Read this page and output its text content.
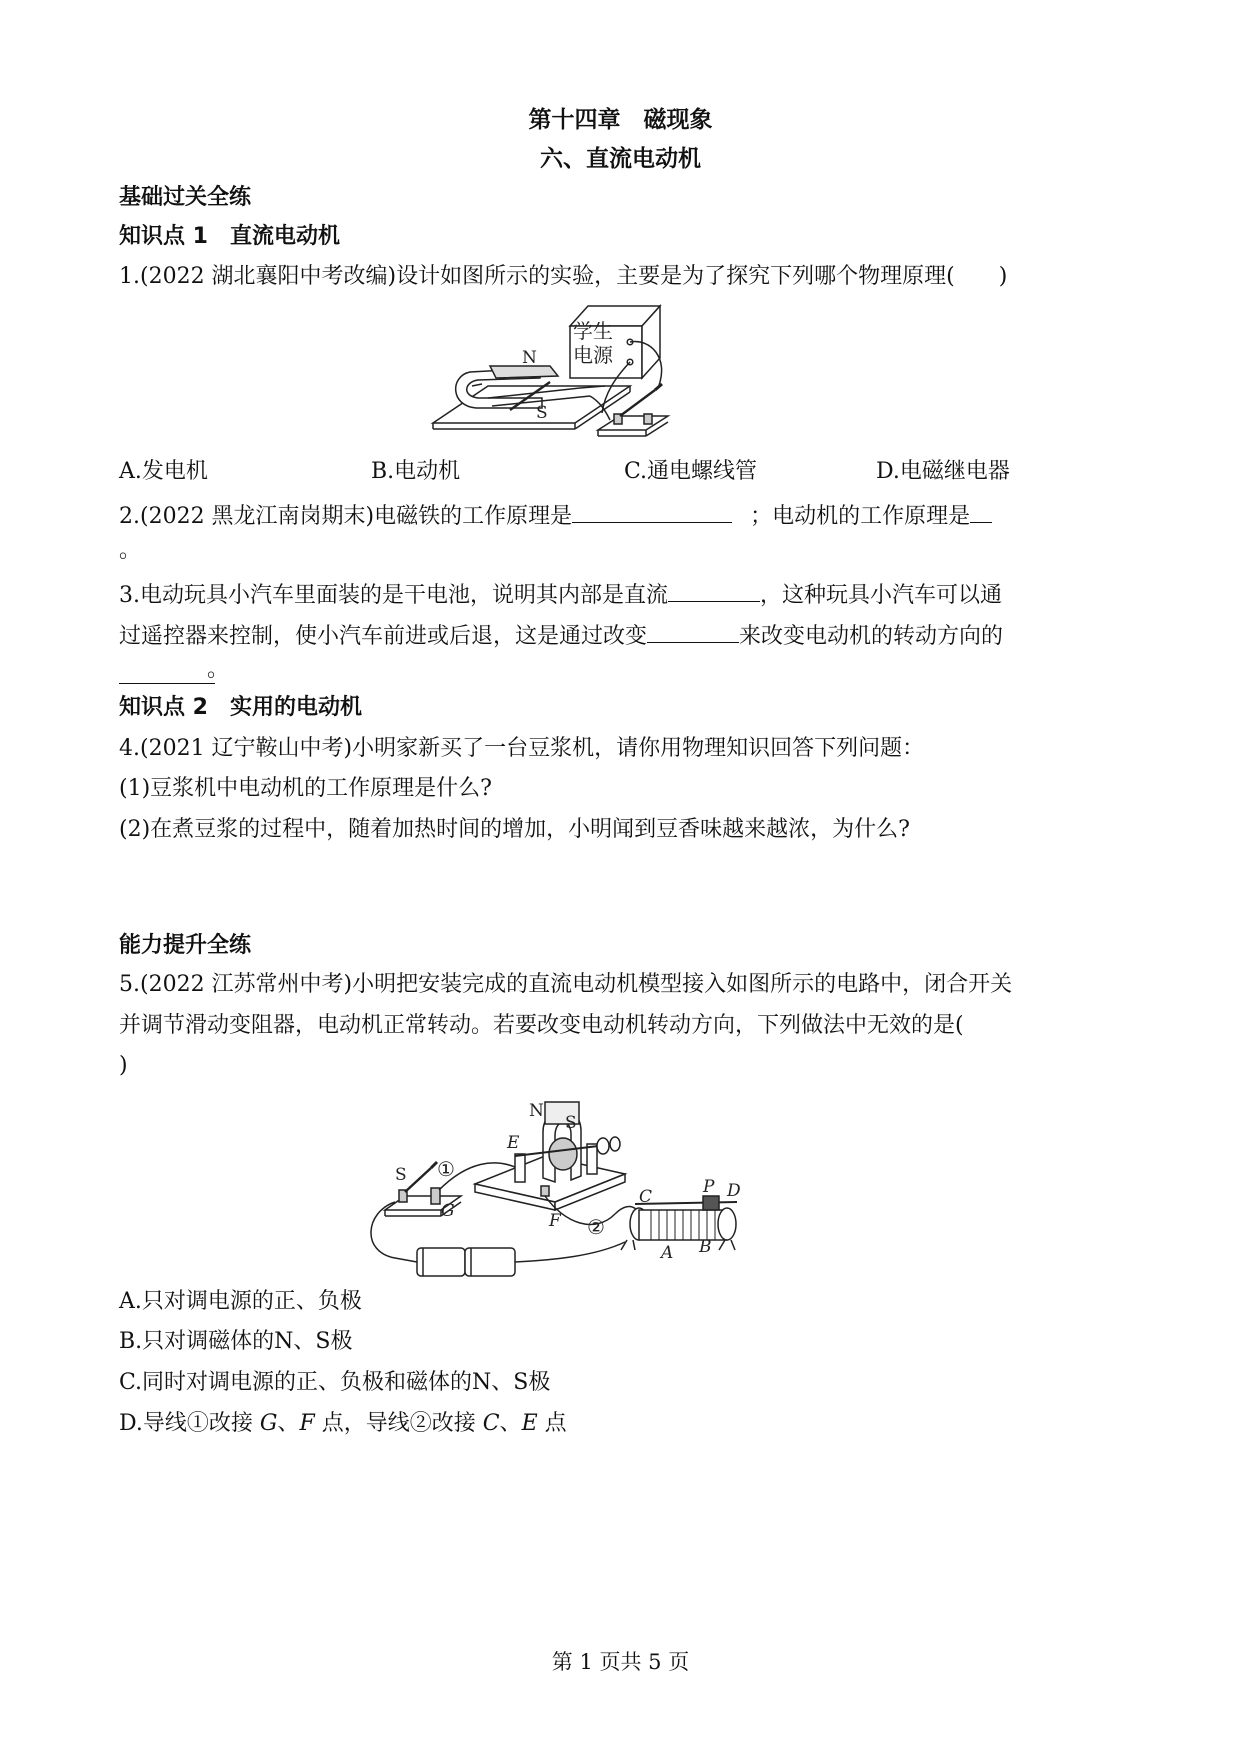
第十四章　磁现象
六、直流电动机
基础过关全练
知识点 1　直流电动机
1.(2022 湖北襄阳中考改编)设计如图所示的实验，主要是为了探究下列哪个物理原理(　　)
学生
电源
N
S
A.发电机	B.电动机	C.通电螺线管	D.电磁继电器
2.(2022 黑龙江南岗期末)电磁铁的工作原理是	；电动机的工作原理是
。
3.电动玩具小汽车里面装的是干电池，说明其内部是直流	，这种玩具小汽车可以通
过遥控器来控制，使小汽车前进或后退，这是通过改变	来改变电动机的转动方向的
。
知识点 2　实用的电动机
4.(2021 辽宁鞍山中考)小明家新买了一台豆浆机，请你用物理知识回答下列问题：
(1)豆浆机中电动机的工作原理是什么?
(2)在煮豆浆的过程中，随着加热时间的增加，小明闻到豆香味越来越浓，为什么?
能力提升全练
5.(2022 江苏常州中考)小明把安装完成的直流电动机模型接入如图所示的电路中，闭合开关
并调节滑动变阻器，电动机正常转动。若要改变电动机转动方向，下列做法中无效的是(
)
①
②
S
N
S
E
F
G
C	P D
A B
A.只对调电源的正、负极
B.只对调磁体的N、S极
C.同时对调电源的正、负极和磁体的N、S极
D.导线①改接 G、F 点，导线②改接 C、E 点
第 1 页共 5 页
